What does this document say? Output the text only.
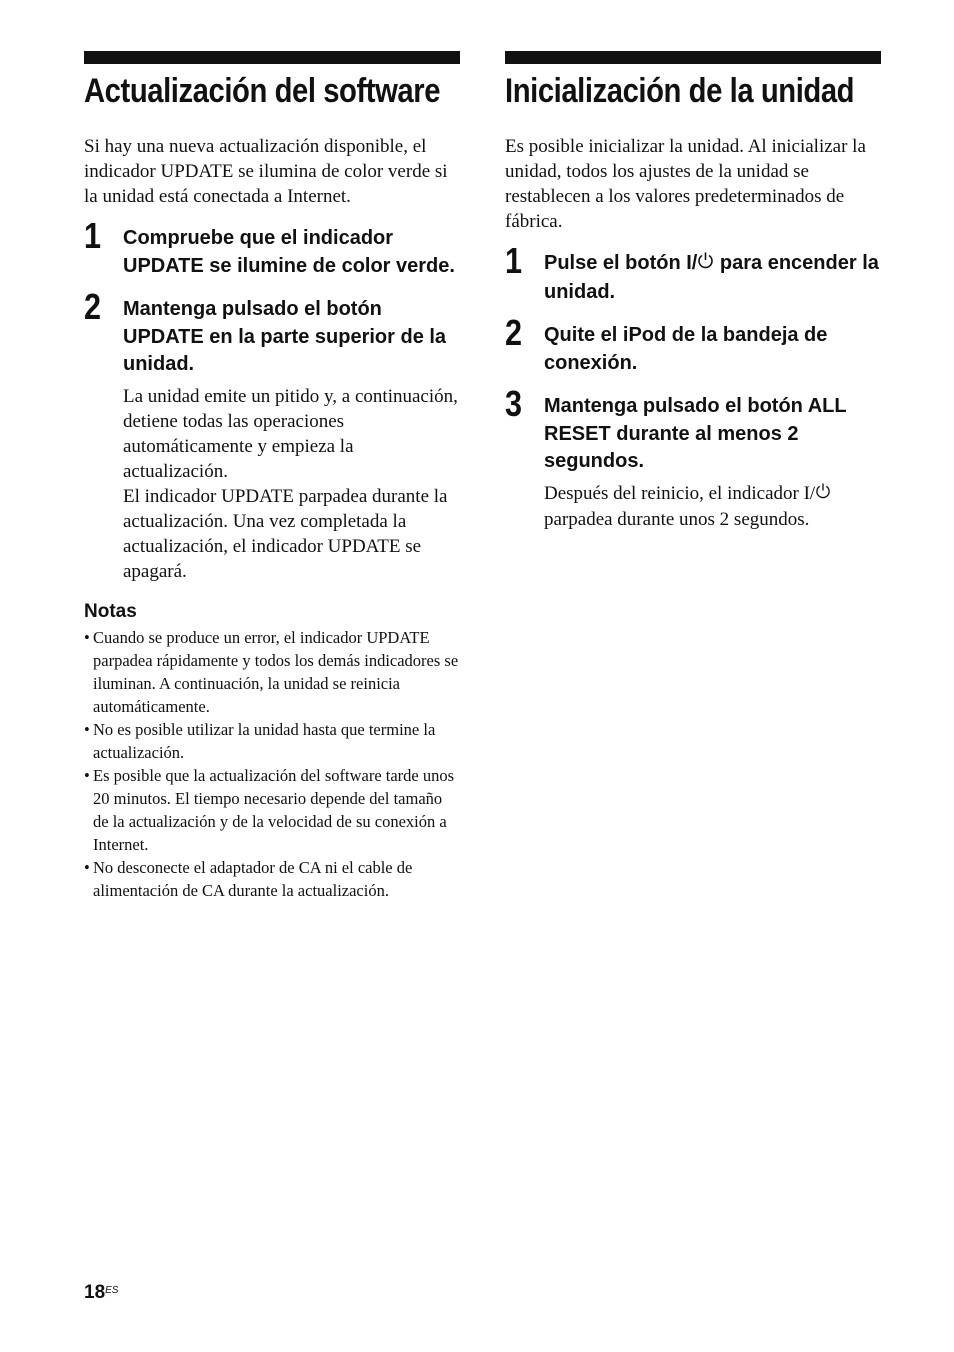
Actualización del software

Si hay una nueva actualización disponible, el indicador UPDATE se ilumina de color verde si la unidad está conectada a Internet.

1 Compruebe que el indicador UPDATE se ilumine de color verde.
2 Mantenga pulsado el botón UPDATE en la parte superior de la unidad.
La unidad emite un pitido y, a continuación, detiene todas las operaciones automáticamente y empieza la actualización.
El indicador UPDATE parpadea durante la actualización. Una vez completada la actualización, el indicador UPDATE se apagará.
Notas
• Cuando se produce un error, el indicador UPDATE parpadea rápidamente y todos los demás indicadores se iluminan. A continuación, la unidad se reinicia automáticamente.
• No es posible utilizar la unidad hasta que termine la actualización.
• Es posible que la actualización del software tarde unos 20 minutos. El tiempo necesario depende del tamaño de la actualización y de la velocidad de su conexión a Internet.
• No desconecte el adaptador de CA ni el cable de alimentación de CA durante la actualización.
Inicialización de la unidad

Es posible inicializar la unidad. Al inicializar la unidad, todos los ajustes de la unidad se restablecen a los valores predeterminados de fábrica.

1 Pulse el botón I/ para encender la unidad.
2 Quite el iPod de la bandeja de conexión.
3 Mantenga pulsado el botón ALL RESET durante al menos 2 segundos.
Después del reinicio, el indicador I/ parpadea durante unos 2 segundos.
$18^{ES}$
